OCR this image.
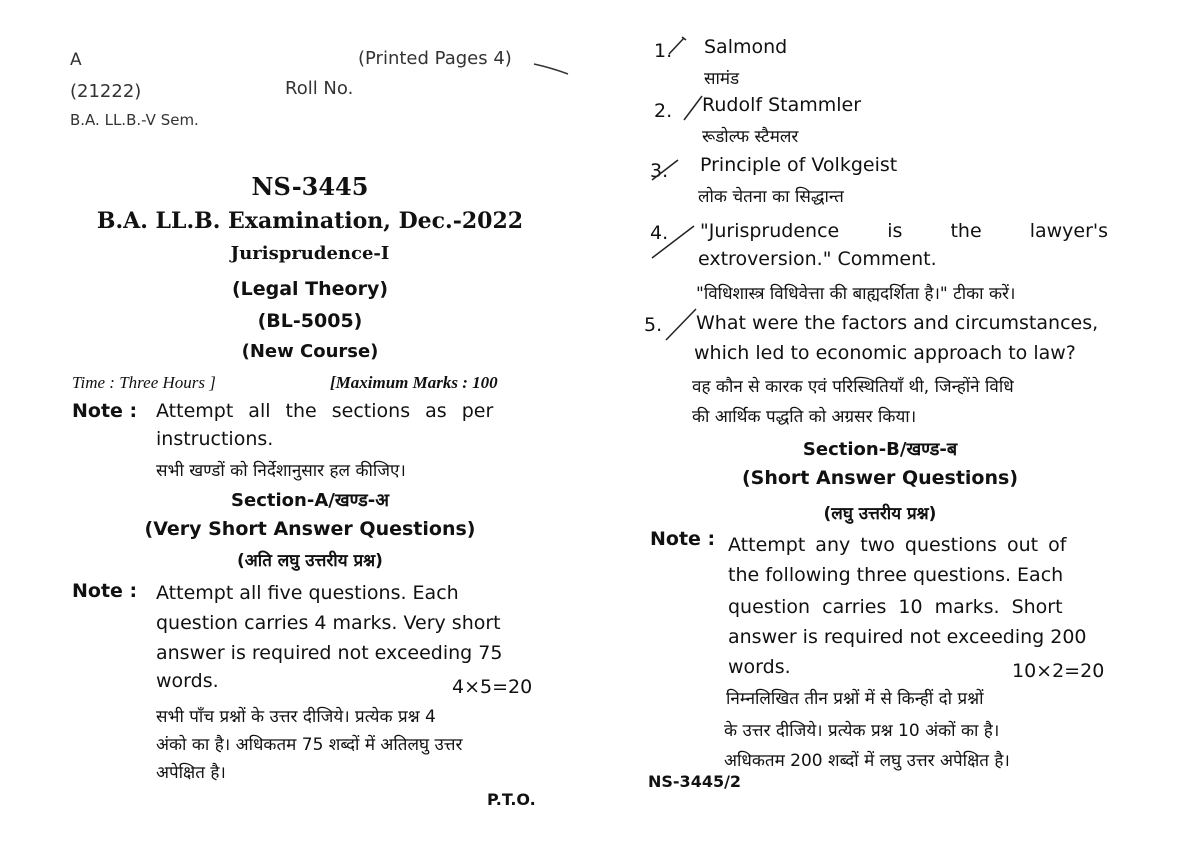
A	(Printed Pages 4)
(21222)	Roll No.
B.A. LL.B.-V Sem.
NS-3445
B.A. LL.B. Examination, Dec.-2022
Jurisprudence-I
(Legal Theory)
(BL-5005)
(New Course)
Time : Three Hours ]	[Maximum Marks : 100
Note : Attempt all the sections as per
instructions.
सभी खण्डों को निर्देशानुसार हल कीजिए।
Section-A/खण्ड-अ
(Very Short Answer Questions)
(अति लघु उत्तरीय प्रश्न)
Note : Attempt all five questions. Each
question carries 4 marks. Very short
answer is required not exceeding 75
words.	4×5=20
सभी पाँच प्रश्नों के उत्तर दीजिये। प्रत्येक प्रश्न 4
अंको का है। अधिकतम 75 शब्दों में अतिलघु उत्तर
अपेक्षित है।
P.T.O.
1. Salmond
सामंड
2. Rudolf Stammler
रूडोल्फ स्टैमलर
3. Principle of Volkgeist
लोक चेतना का सिद्धान्त
4. "Jurisprudence is the lawyer's
extroversion." Comment.
"विधिशास्त्र विधिवेत्ता की बाह्यदर्शिता है।" टीका करें।
5. What were the factors and circumstances,
which led to economic approach to law?
वह कौन से कारक एवं परिस्थितियाँ थी, जिन्होंने विधि
की आर्थिक पद्धति को अग्रसर किया।
Section-B/खण्ड-ब
(Short Answer Questions)
(लघु उत्तरीय प्रश्न)
Note : Attempt any two questions out of
the following three questions. Each
question carries 10 marks. Short
answer is required not exceeding 200
words.	10×2=20
निम्नलिखित तीन प्रश्नों में से किन्हीं दो प्रश्नों
के उत्तर दीजिये। प्रत्येक प्रश्न 10 अंकों का है।
अधिकतम 200 शब्दों में लघु उत्तर अपेक्षित है।
NS-3445/2
